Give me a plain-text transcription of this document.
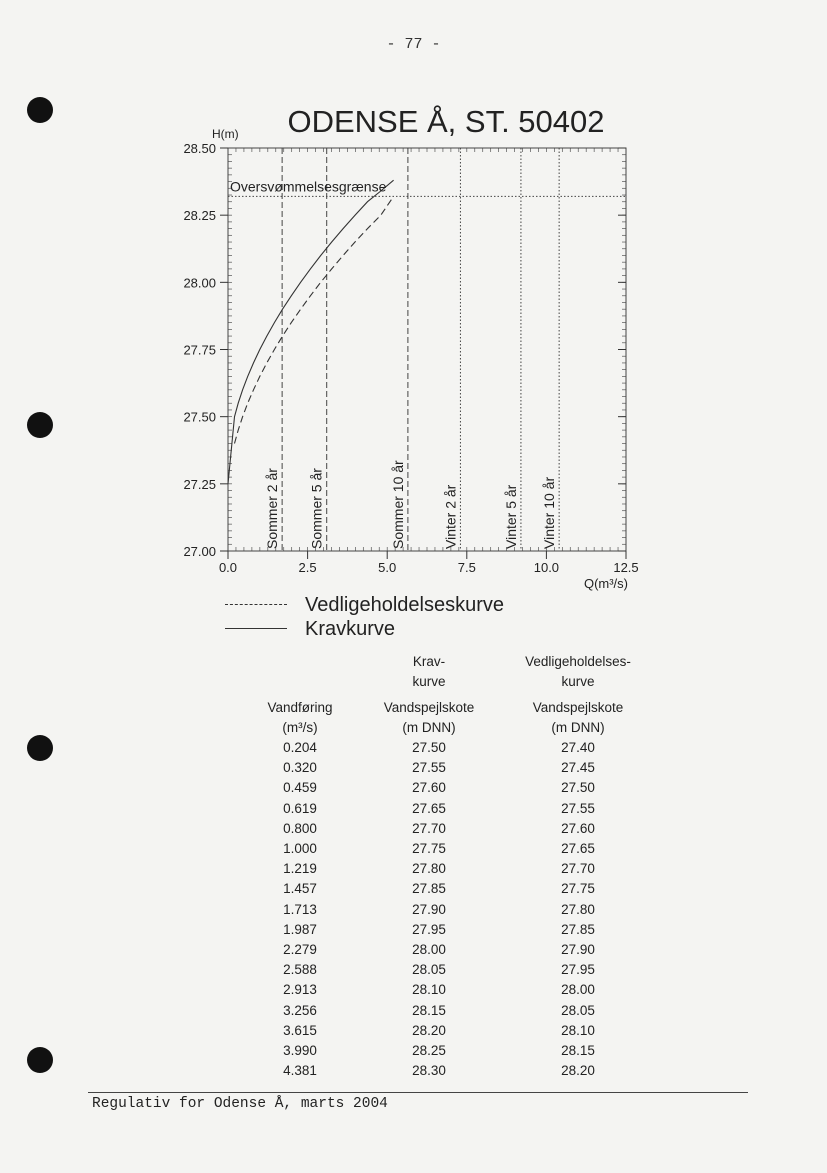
- 77 -
0.0	2.5	5.0	7.5	10.0	12.5
27.00
27.25
27.50
27.75
28.00
28.25
28.50
H(m)
Q(m³/s)
ODENSE Å, ST. 50402
Oversvømmelsesgrænse
Sommer 2 år Sommer 5 år	Sommer 10 år	Vinter 2 år	Vinter 5 år Vinter 10 år
Vedligeholdelseskurve
Kravkurve
	Krav-	Vedligeholdelses-
	kurve	kurve
Vandføring	Vandspejlskote	Vandspejlskote
(m³/s)	(m DNN)	(m DNN)
0.204	27.50	27.40
0.320	27.55	27.45
0.459	27.60	27.50
0.619	27.65	27.55
0.800	27.70	27.60
1.000	27.75	27.65
1.219	27.80	27.70
1.457	27.85	27.75
1.713	27.90	27.80
1.987	27.95	27.85
2.279	28.00	27.90
2.588	28.05	27.95
2.913	28.10	28.00
3.256	28.15	28.05
3.615	28.20	28.10
3.990	28.25	28.15
4.381	28.30	28.20
Regulativ for Odense Å, marts 2004
